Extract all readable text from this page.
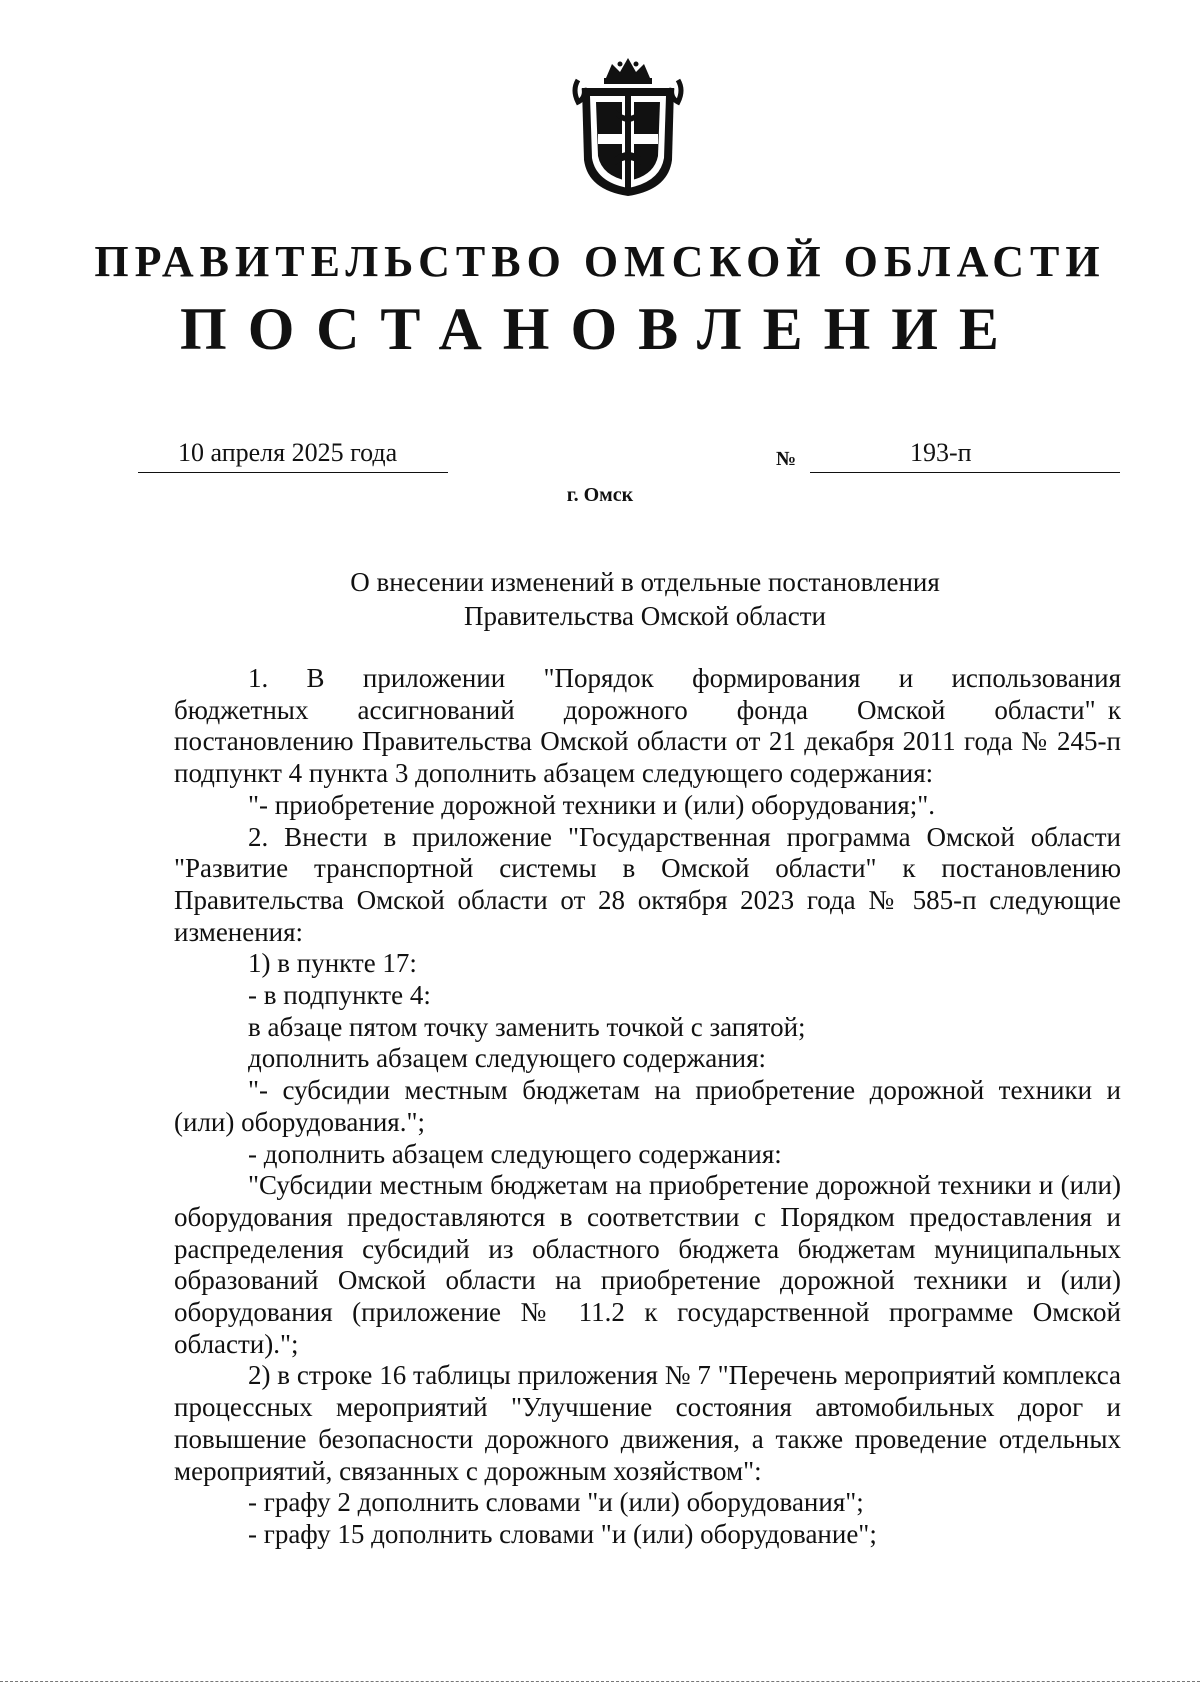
ПРАВИТЕЛЬСТВО ОМСКОЙ ОБЛАСТИ
ПОСТАНОВЛЕНИЕ
10 апреля 2025 года	№	193-п
г. Омск
О внесении изменений в отдельные постановления
Правительства Омской области

1.    В    приложении    "Порядок    формирования    и    использования бюджетных    ассигнований    дорожного    фонда    Омской    области" к постановлению Правительства Омской области от 21 декабря 2011 года № 245-п подпункт 4 пункта 3 дополнить абзацем следующего содержания:

"- приобретение дорожной техники и (или) оборудования;".

2. Внести в приложение "Государственная программа Омской области "Развитие транспортной системы в Омской области" к постановлению Правительства Омской области от 28 октября 2023 года № 585-п следующие изменения:

1) в пункте 17:

- в подпункте 4:

в абзаце пятом точку заменить точкой с запятой;

дополнить абзацем следующего содержания:

"- субсидии местным бюджетам на приобретение дорожной техники и (или) оборудования.";

- дополнить абзацем следующего содержания:

"Субсидии местным бюджетам на приобретение дорожной техники и (или) оборудования предоставляются в соответствии с Порядком предоставления и распределения субсидий из областного бюджета бюджетам муниципальных образований Омской области на приобретение дорожной техники и (или) оборудования (приложение № 11.2 к государственной программе Омской области).";

2) в строке 16 таблицы приложения № 7 "Перечень мероприятий комплекса процессных мероприятий "Улучшение состояния автомобильных дорог и повышение безопасности дорожного движения, а также проведение отдельных мероприятий, связанных с дорожным хозяйством":

- графу 2 дополнить словами "и (или) оборудования";

- графу 15 дополнить словами "и (или) оборудование";
